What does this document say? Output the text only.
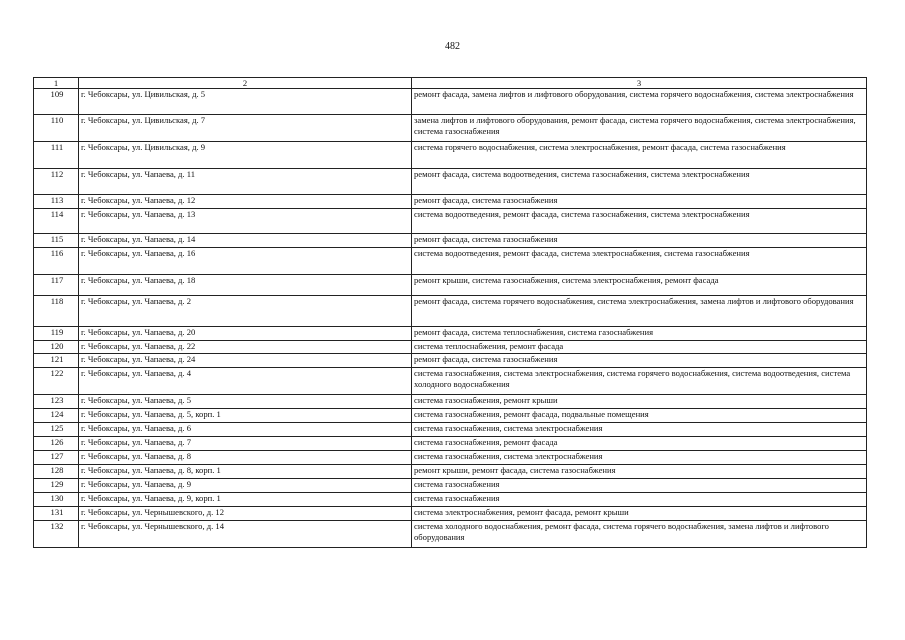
482
1	2	3
109	г. Чебоксары, ул. Цивильская, д. 5	ремонт фасада, замена лифтов и лифтового оборудования, система горячего водоснабжения, система электроснабжения
110	г. Чебоксары, ул. Цивильская, д. 7	замена лифтов и лифтового оборудования, ремонт фасада, система горячего водоснабжения, система электроснабжения, система газоснабжения
111	г. Чебоксары, ул. Цивильская, д. 9	система горячего водоснабжения, система электроснабжения, ремонт фасада, система газоснабжения
112	г. Чебоксары, ул. Чапаева, д. 11	ремонт фасада, система водоотведения, система газоснабжения, система электроснабжения
113	г. Чебоксары, ул. Чапаева, д. 12	ремонт фасада, система газоснабжения
114	г. Чебоксары, ул. Чапаева, д. 13	система водоотведения, ремонт фасада, система газоснабжения, система электроснабжения
115	г. Чебоксары, ул. Чапаева, д. 14	ремонт фасада, система газоснабжения
116	г. Чебоксары, ул. Чапаева, д. 16	система водоотведения, ремонт фасада, система электроснабжения, система газоснабжения
117	г. Чебоксары, ул. Чапаева, д. 18	ремонт крыши, система газоснабжения, система электроснабжения, ремонт фасада
118	г. Чебоксары, ул. Чапаева, д. 2	ремонт фасада, система горячего водоснабжения, система электроснабжения, замена лифтов и лифтового оборудования
119	г. Чебоксары, ул. Чапаева, д. 20	ремонт фасада, система теплоснабжения, система газоснабжения
120	г. Чебоксары, ул. Чапаева, д. 22	система теплоснабжения, ремонт фасада
121	г. Чебоксары, ул. Чапаева, д. 24	ремонт фасада, система газоснабжения
122	г. Чебоксары, ул. Чапаева, д. 4	система газоснабжения, система электроснабжения, система горячего водоснабжения, система водоотведения, система холодного водоснабжения
123	г. Чебоксары, ул. Чапаева, д. 5	система газоснабжения, ремонт крыши
124	г. Чебоксары, ул. Чапаева, д. 5, корп. 1	система газоснабжения, ремонт фасада, подвальные помещения
125	г. Чебоксары, ул. Чапаева, д. 6	система газоснабжения, система электроснабжения
126	г. Чебоксары, ул. Чапаева, д. 7	система газоснабжения, ремонт фасада
127	г. Чебоксары, ул. Чапаева, д. 8	система газоснабжения, система электроснабжения
128	г. Чебоксары, ул. Чапаева, д. 8, корп. 1	ремонт крыши, ремонт фасада, система газоснабжения
129	г. Чебоксары, ул. Чапаева, д. 9	система газоснабжения
130	г. Чебоксары, ул. Чапаева, д. 9, корп. 1	система газоснабжения
131	г. Чебоксары, ул. Чернышевского, д. 12	система электроснабжения, ремонт фасада, ремонт крыши
132	г. Чебоксары, ул. Чернышевского, д. 14	система холодного водоснабжения, ремонт фасада, система горячего водоснабжения, замена лифтов и лифтового оборудования
